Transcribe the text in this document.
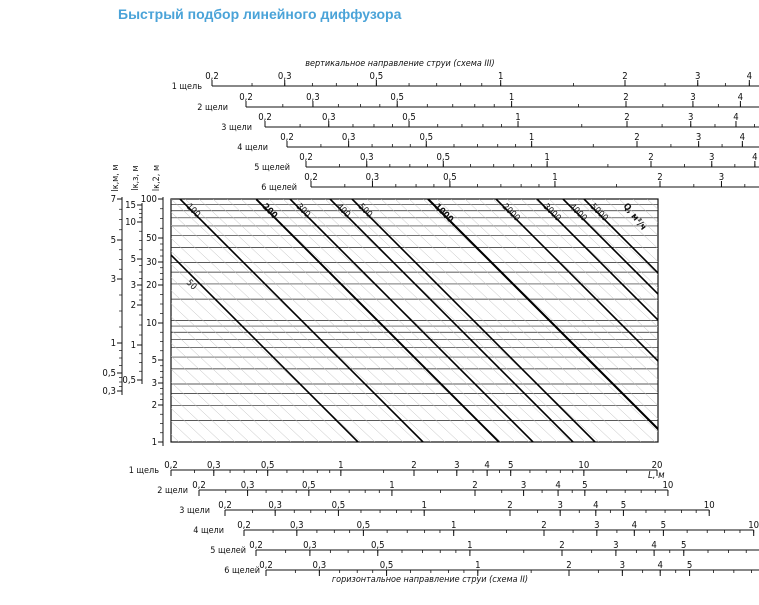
Быстрый подбор линейного диффузора
вертикальное направление струи (схема III)
горизонтальное направление струи (схема II)
1 щель
0,2	0,3	0,5	1	2	3	4
2 щели
0,2	0,3	0,5	1	2	3	4
3 щели
0,2	0,3	0,5	1	2	3	4
4 щели
0,2	0,3	0,5	1	2	3	4
5 щелей
0,2	0,3	0,5	1	2	3	4
6 щелей
0,2	0,3	0,5	1	2	3
1 щель 0,2	0,3	0,5	1	2	3	4 5	10	20
2 щели 0,2	0,3	0,5	1	2	3	4 5	10
3 щели 0,2	0,3	0,5	1	2	3	4 5	10
4 щели 0,2	0,3	0,5	1	2	3	4 5	10
5 щелей 0,2	0,3	0,5	1	2	3	4	5
6 щелей 0,2	0,3	0,5	1	2	3	4	5
50
100	200 300 400 500	1000	2000 3000 4000 5000
7
5
3
1
0,5
0,3
lк,м, м
15
10
5
3
2
1
0,5
lк,з, м
100
50
30
20
10
5
3
2
1
lк,2, м
L, м
Q, м³/ч
